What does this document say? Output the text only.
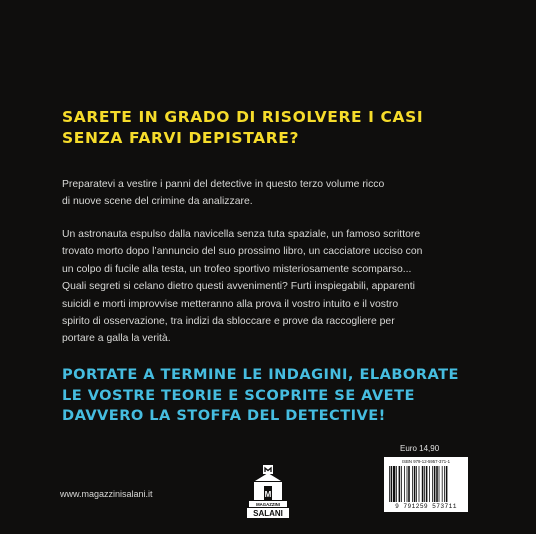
SARETE IN GRADO DI RISOLVERE I CASI
SENZA FARVI DEPISTARE?
Preparatevi a vestire i panni del detective in questo terzo volume ricco
di nuove scene del crimine da analizzare.
Un astronauta espulso dalla navicella senza tuta spaziale, un famoso scrittore
trovato morto dopo l’annuncio del suo prossimo libro, un cacciatore ucciso con
un colpo di fucile alla testa, un trofeo sportivo misteriosamente scomparso...
Quali segreti si celano dietro questi avvenimenti? Furti inspiegabili, apparenti
suicidi e morti improvvise metteranno alla prova il vostro intuito e il vostro
spirito di osservazione, tra indizi da sbloccare e prove da raccogliere per
portare a galla la verità.
PORTATE A TERMINE LE INDAGINI, ELABORATE
LE VOSTRE TEORIE E SCOPRITE SE AVETE
DAVVERO LA STOFFA DEL DETECTIVE!
www.magazzinisalani.it	M
MAGAZZINI
SALANI
Euro 14,90
ISBN 979-12-5957-371-1
9 791259 573711
